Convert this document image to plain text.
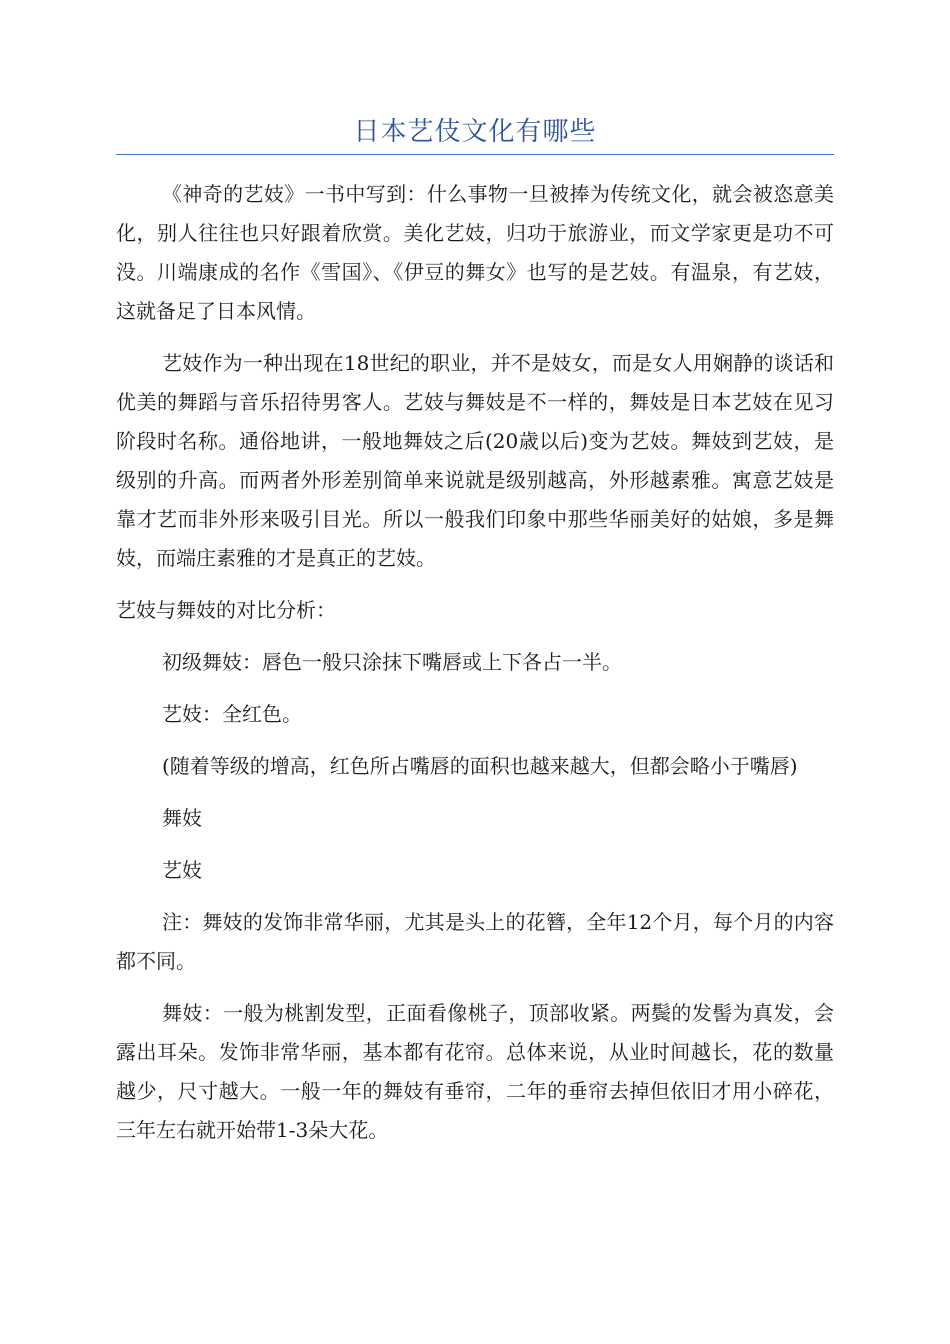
日本艺伎文化有哪些

《神奇的艺妓》一书中写到：什么事物一旦被捧为传统文化，就会被恣意美化，别人往往也只好跟着欣赏。美化艺妓，归功于旅游业，而文学家更是功不可没。川端康成的名作《雪国》、《伊豆的舞女》也写的是艺妓。有温泉，有艺妓，这就备足了日本风情。

艺妓作为一种出现在18世纪的职业，并不是妓女，而是女人用娴静的谈话和优美的舞蹈与音乐招待男客人。艺妓与舞妓是不一样的，舞妓是日本艺妓在见习阶段时名称。通俗地讲，一般地舞妓之后(20歳以后)变为艺妓。舞妓到艺妓，是级别的升高。而两者外形差别简单来说就是级别越高，外形越素雅。寓意艺妓是靠才艺而非外形来吸引目光。所以一般我们印象中那些华丽美好的姑娘，多是舞妓，而端庄素雅的才是真正的艺妓。

艺妓与舞妓的对比分析：

初级舞妓：唇色一般只涂抹下嘴唇或上下各占一半。

艺妓：全红色。

(随着等级的增高，红色所占嘴唇的面积也越来越大，但都会略小于嘴唇)

舞妓

艺妓

注：舞妓的发饰非常华丽，尤其是头上的花簪，全年12个月，每个月的内容都不同。

舞妓：一般为桃割发型，正面看像桃子，顶部收紧。两鬓的发髻为真发，会露出耳朵。发饰非常华丽，基本都有花帘。总体来说，从业时间越长，花的数量越少，尺寸越大。一般一年的舞妓有垂帘，二年的垂帘去掉但依旧才用小碎花，三年左右就开始带1-3朵大花。
